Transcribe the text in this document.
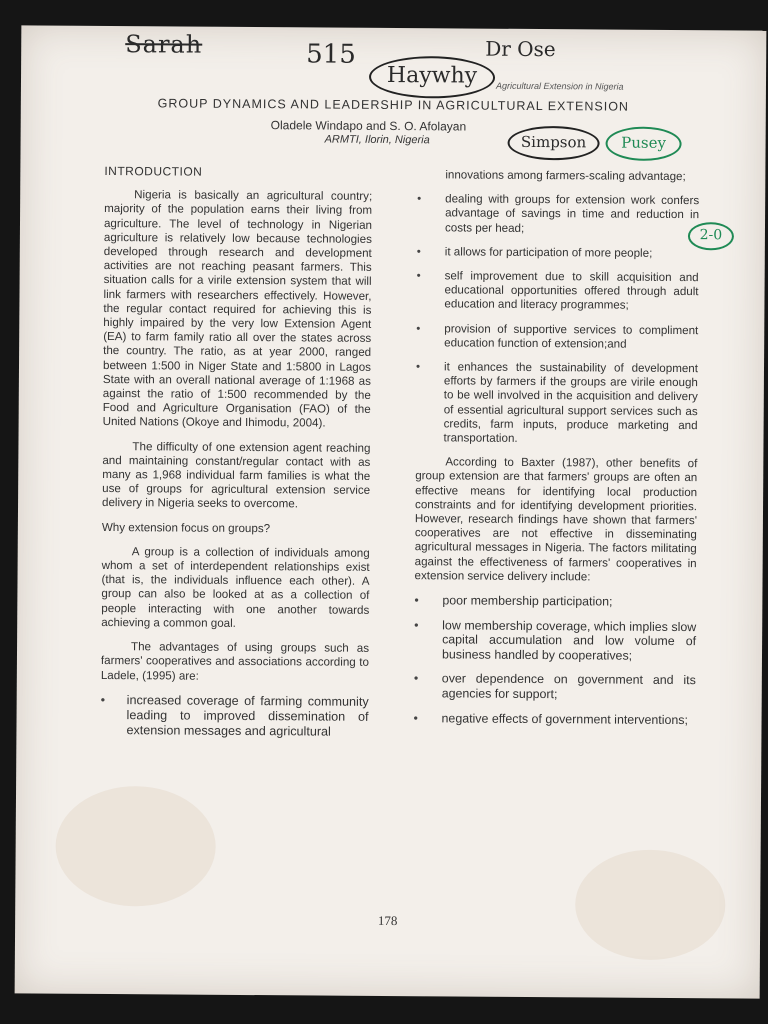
Sarah	515	Dr Ose
Haywhy	Agricultural Extension in Nigeria
GROUP DYNAMICS AND LEADERSHIP IN AGRICULTURAL EXTENSION
Oladele Windapo and S. O. Afolayan
ARMTI, Ilorin, Nigeria	Simpson	Pusey
2-0
INTRODUCTION

Nigeria is basically an agricultural country; majority of the population earns their living from agriculture. The level of technology in Nigerian agriculture is relatively low because technologies developed through research and development activities are not reaching peasant farmers. This situation calls for a virile extension system that will link farmers with researchers effectively. However, the regular contact required for achieving this is highly impaired by the very low Extension Agent (EA) to farm family ratio all over the states across the country. The ratio, as at year 2000, ranged between 1:500 in Niger State and 1:5800 in Lagos State with an overall national average of 1:1968 as against the ratio of 1:500 recommended by the Food and Agriculture Organisation (FAO) of the United Nations (Okoye and Ihimodu, 2004).

The difficulty of one extension agent reaching and maintaining constant/regular contact with as many as 1,968 individual farm families is what the use of groups for agricultural extension service delivery in Nigeria seeks to overcome.

Why extension focus on groups?

A group is a collection of individuals among whom a set of interdependent relationships exist (that is, the individuals influence each other). A group can also be looked at as a collection of people interacting with one another towards achieving a common goal.

The advantages of using groups such as farmers' cooperatives and associations according to Ladele, (1995) are:

• increased coverage of farming community leading to improved dissemination of extension messages and agricultural

innovations among farmers-scaling advantage;

• dealing with groups for extension work confers advantage of savings in time and reduction in costs per head;
• it allows for participation of more people;
• self improvement due to skill acquisition and educational opportunities offered through adult education and literacy programmes;
• provision of supportive services to compliment education function of extension;and
• it enhances the sustainability of development efforts by farmers if the groups are virile enough to be well involved in the acquisition and delivery of essential agricultural support services such as credits, farm inputs, produce marketing and transportation.

According to Baxter (1987), other benefits of group extension are that farmers' groups are often an effective means for identifying local production constraints and for identifying development priorities. However, research findings have shown that farmers' cooperatives are not effective in disseminating agricultural messages in Nigeria. The factors militating against the effectiveness of farmers' cooperatives in extension service delivery include:

• poor membership participation;
• low membership coverage, which implies slow capital accumulation and low volume of business handled by cooperatives;
• over dependence on government and its agencies for support;
• negative effects of government interventions;
178
